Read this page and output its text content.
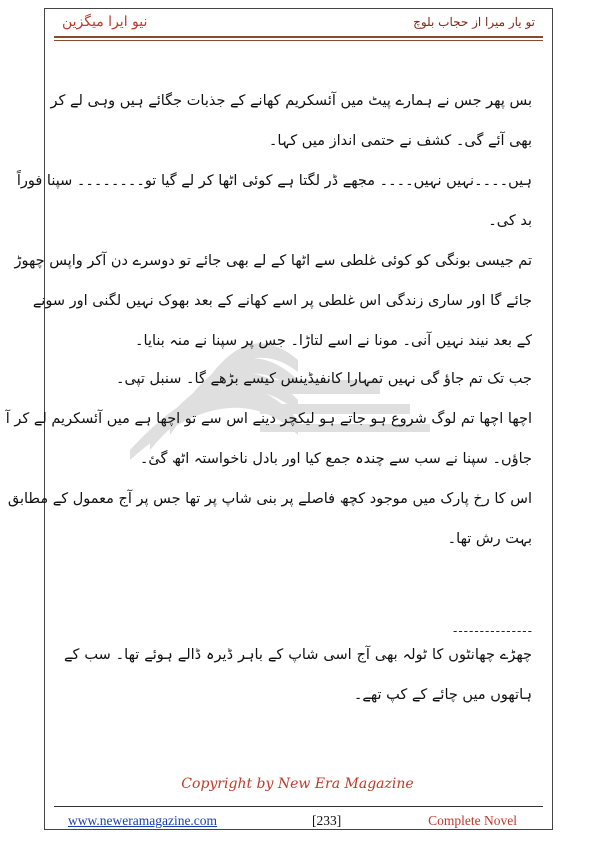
نیو ایرا میگزین	تو یار میرا از حجاب بلوچ
بس پھر جس نے ہمارے پیٹ میں آئسکریم کھانے کے جذبات جگائے ہیں وہی لے کر
بھی آئے گی۔ کشف نے حتمی انداز میں کہا۔
ہیں۔۔۔۔نہیں نہیں۔۔۔۔ مجھے ڈر لگتا ہے کوئی اٹھا کر لے گیا تو۔۔۔۔۔۔۔۔ سپنا فوراً
بد کی۔
تم جیسی بونگی کو کوئی غلطی سے اٹھا کے لے بھی جائے تو دوسرے دن آکر واپس چھوڑ
جائے گا اور ساری زندگی اس غلطی پر اسے کھانے کے بعد بھوک نہیں لگنی اور سونے
کے بعد نیند نہیں آنی۔ مونا نے اسے لتاڑا۔ جس پر سپنا نے منہ بنایا۔
جب تک تم جاؤ گی نہیں تمہارا کانفیڈینس کیسے بڑھے گا۔ سنبل تپی۔
اچھا اچھا تم لوگ شروع ہو جاتے ہو لیکچر دینے اس سے تو اچھا ہے میں آئسکریم لے کر آ
جاؤں۔ سپنا نے سب سے چندہ جمع کیا اور بادل ناخواستہ اٹھ گئ۔
اس کا رخ پارک میں موجود کچھ فاصلے پر بنی شاپ پر تھا جس پر آج معمول کے مطابق
بہت رش تھا۔
چھڑے چھانٹوں کا ٹولہ بھی آج اسی شاپ کے باہر ڈیرہ ڈالے ہوئے تھا۔ سب کے
ہاتھوں میں چائے کے کپ تھے۔
---------------
Copyright by New Era Magazine
www.neweramagazine.com	[233]	Complete Novel
